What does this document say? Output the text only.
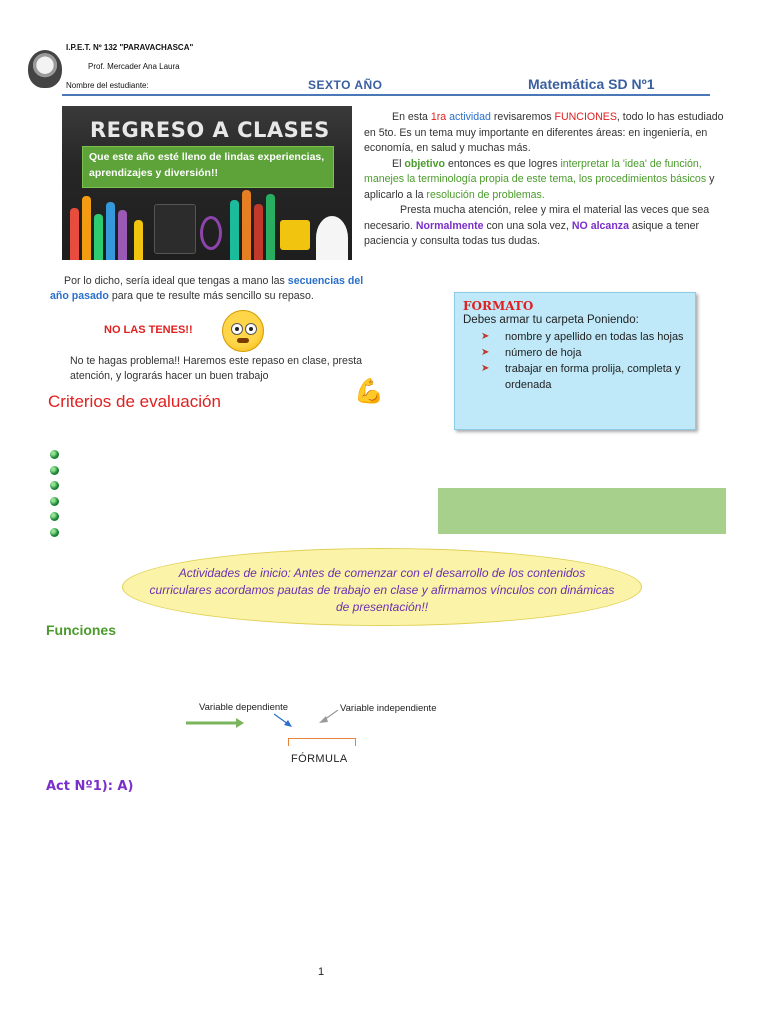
I.P.E.T. Nº 132 "PARAVACHASCA"
Prof. Mercader Ana Laura
Nombre del estudiante:	SEXTO AÑO	Matemática SD Nº1
REGRESO A CLASES
Que este año esté lleno de lindas experiencias, aprendizajes y diversión!!

En esta 1ra actividad revisaremos FUNCIONES, todo lo has estudiado en 5to. Es un tema muy importante en diferentes áreas: en ingeniería, en economía, en salud y muchas más.

El objetivo entonces es que logres interpretar la 'idea' de función, manejes la terminología propia de este tema, los procedimientos básicos y aplicarlo a la resolución de problemas.

Presta mucha atención, relee y mira el material las veces que sea necesario. Normalmente con una sola vez, NO alcanza asique a tener paciencia y consulta todas tus dudas.

Por lo dicho, sería ideal que tengas a mano las secuencias del año pasado para que te resulte más sencillo su repaso.
NO LAS TENES!!
No te hagas problema!! Haremos este repaso en clase, presta atención, y lograrás hacer un buen trabajo
💪
Criterios de evaluación
FORMATO
Debes armar tu carpeta Poniendo:
➤ nombre y apellido en todas las hojas
➤ número de hoja
➤ trabajar en forma prolija, completa y ordenada
Actividades de inicio: Antes de comenzar con el desarrollo de los contenidos curriculares acordamos pautas de trabajo en clase y afirmamos vínculos con dinámicas de presentación!!
Funciones
Variable dependiente	Variable independiente
FÓRMULA
Act Nº1): A)
1
